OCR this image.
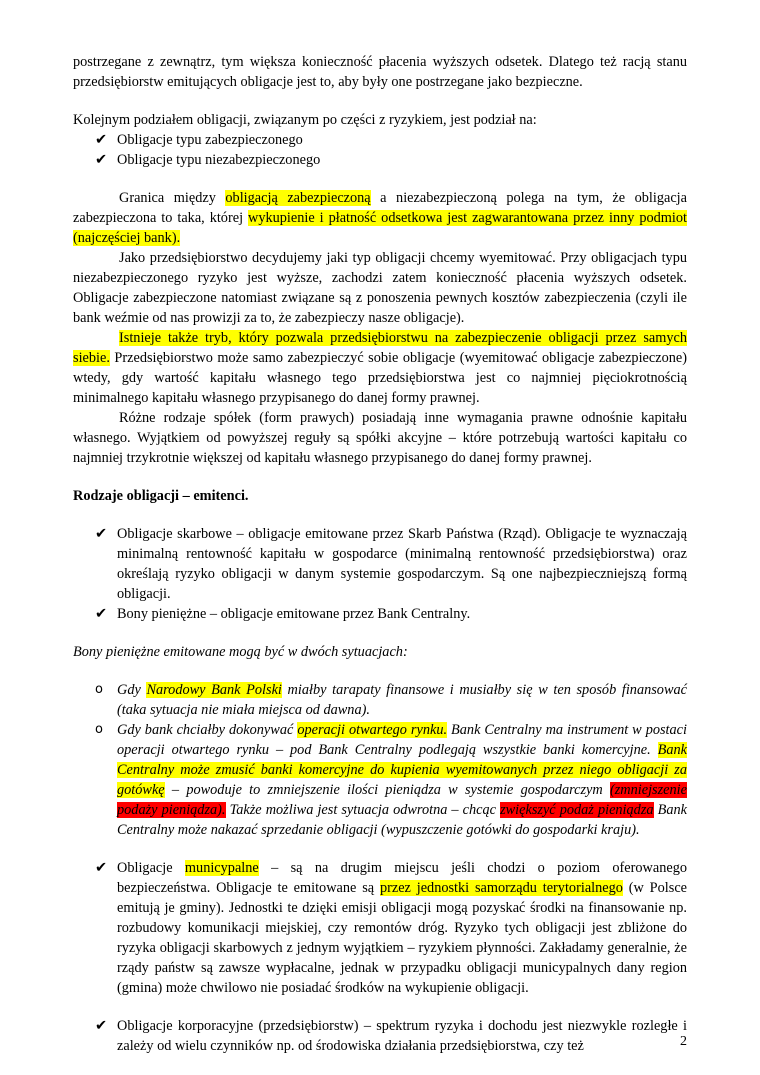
postrzegane z zewnątrz, tym większa konieczność płacenia wyższych odsetek. Dlatego też racją stanu przedsiębiorstw emitujących obligacje jest to, aby były one postrzegane jako bezpieczne.

Kolejnym podziałem obligacji, związanym po części z ryzykiem, jest podział na:

✔ Obligacje typu zabezpieczonego
✔ Obligacje typu niezabezpieczonego

Granica między obligacją zabezpieczoną a niezabezpieczoną polega na tym, że obligacja zabezpieczona to taka, której wykupienie i płatność odsetkowa jest zagwarantowana przez inny podmiot (najczęściej bank).

Jako przedsiębiorstwo decydujemy jaki typ obligacji chcemy wyemitować. Przy obligacjach typu niezabezpieczonego ryzyko jest wyższe, zachodzi zatem konieczność płacenia wyższych odsetek. Obligacje zabezpieczone natomiast związane są z ponoszenia pewnych kosztów zabezpieczenia (czyli ile bank weźmie od nas prowizji za to, że zabezpieczy nasze obligacje).

Istnieje także tryb, który pozwala przedsiębiorstwu na zabezpieczenie obligacji przez samych siebie. Przedsiębiorstwo może samo zabezpieczyć sobie obligacje (wyemitować obligacje zabezpieczone) wtedy, gdy wartość kapitału własnego tego przedsiębiorstwa jest co najmniej pięciokrotnością minimalnego kapitału własnego przypisanego do danej formy prawnej.

Różne rodzaje spółek (form prawych) posiadają inne wymagania prawne odnośnie kapitału własnego. Wyjątkiem od powyższej reguły są spółki akcyjne – które potrzebują wartości kapitału co najmniej trzykrotnie większej od kapitału własnego przypisanego do danej formy prawnej.

Rodzaje obligacji – emitenci.

✔ Obligacje skarbowe – obligacje emitowane przez Skarb Państwa (Rząd). Obligacje te wyznaczają minimalną rentowność kapitału w gospodarce (minimalną rentowność przedsiębiorstwa) oraz określają ryzyko obligacji w danym systemie gospodarczym. Są one najbezpieczniejszą formą obligacji.
✔ Bony pieniężne – obligacje emitowane przez Bank Centralny.

Bony pieniężne emitowane mogą być w dwóch sytuacjach:

o Gdy Narodowy Bank Polski miałby tarapaty finansowe i musiałby się w ten sposób finansować (taka sytuacja nie miała miejsca od dawna).
o Gdy bank chciałby dokonywać operacji otwartego rynku. Bank Centralny ma instrument w postaci operacji otwartego rynku – pod Bank Centralny podlegają wszystkie banki komercyjne. Bank Centralny może zmusić banki komercyjne do kupienia wyemitowanych przez niego obligacji za gotówkę – powoduje to zmniejszenie ilości pieniądza w systemie gospodarczym (zmniejszenie podaży pieniądza). Także możliwa jest sytuacja odwrotna – chcąc zwiększyć podaż pieniądza Bank Centralny może nakazać sprzedanie obligacji (wypuszczenie gotówki do gospodarki kraju).
✔ Obligacje municypalne – są na drugim miejscu jeśli chodzi o poziom oferowanego bezpieczeństwa. Obligacje te emitowane są przez jednostki samorządu terytorialnego (w Polsce emitują je gminy). Jednostki te dzięki emisji obligacji mogą pozyskać środki na finansowanie np. rozbudowy komunikacji miejskiej, czy remontów dróg. Ryzyko tych obligacji jest zbliżone do ryzyka obligacji skarbowych z jednym wyjątkiem – ryzykiem płynności. Zakładamy generalnie, że rządy państw są zawsze wypłacalne, jednak w przypadku obligacji municypalnych dany region (gmina) może chwilowo nie posiadać środków na wykupienie obligacji.
✔ Obligacje korporacyjne (przedsiębiorstw) – spektrum ryzyka i dochodu jest niezwykle rozległe i zależy od wielu czynników np. od środowiska działania przedsiębiorstwa, czy też	2
